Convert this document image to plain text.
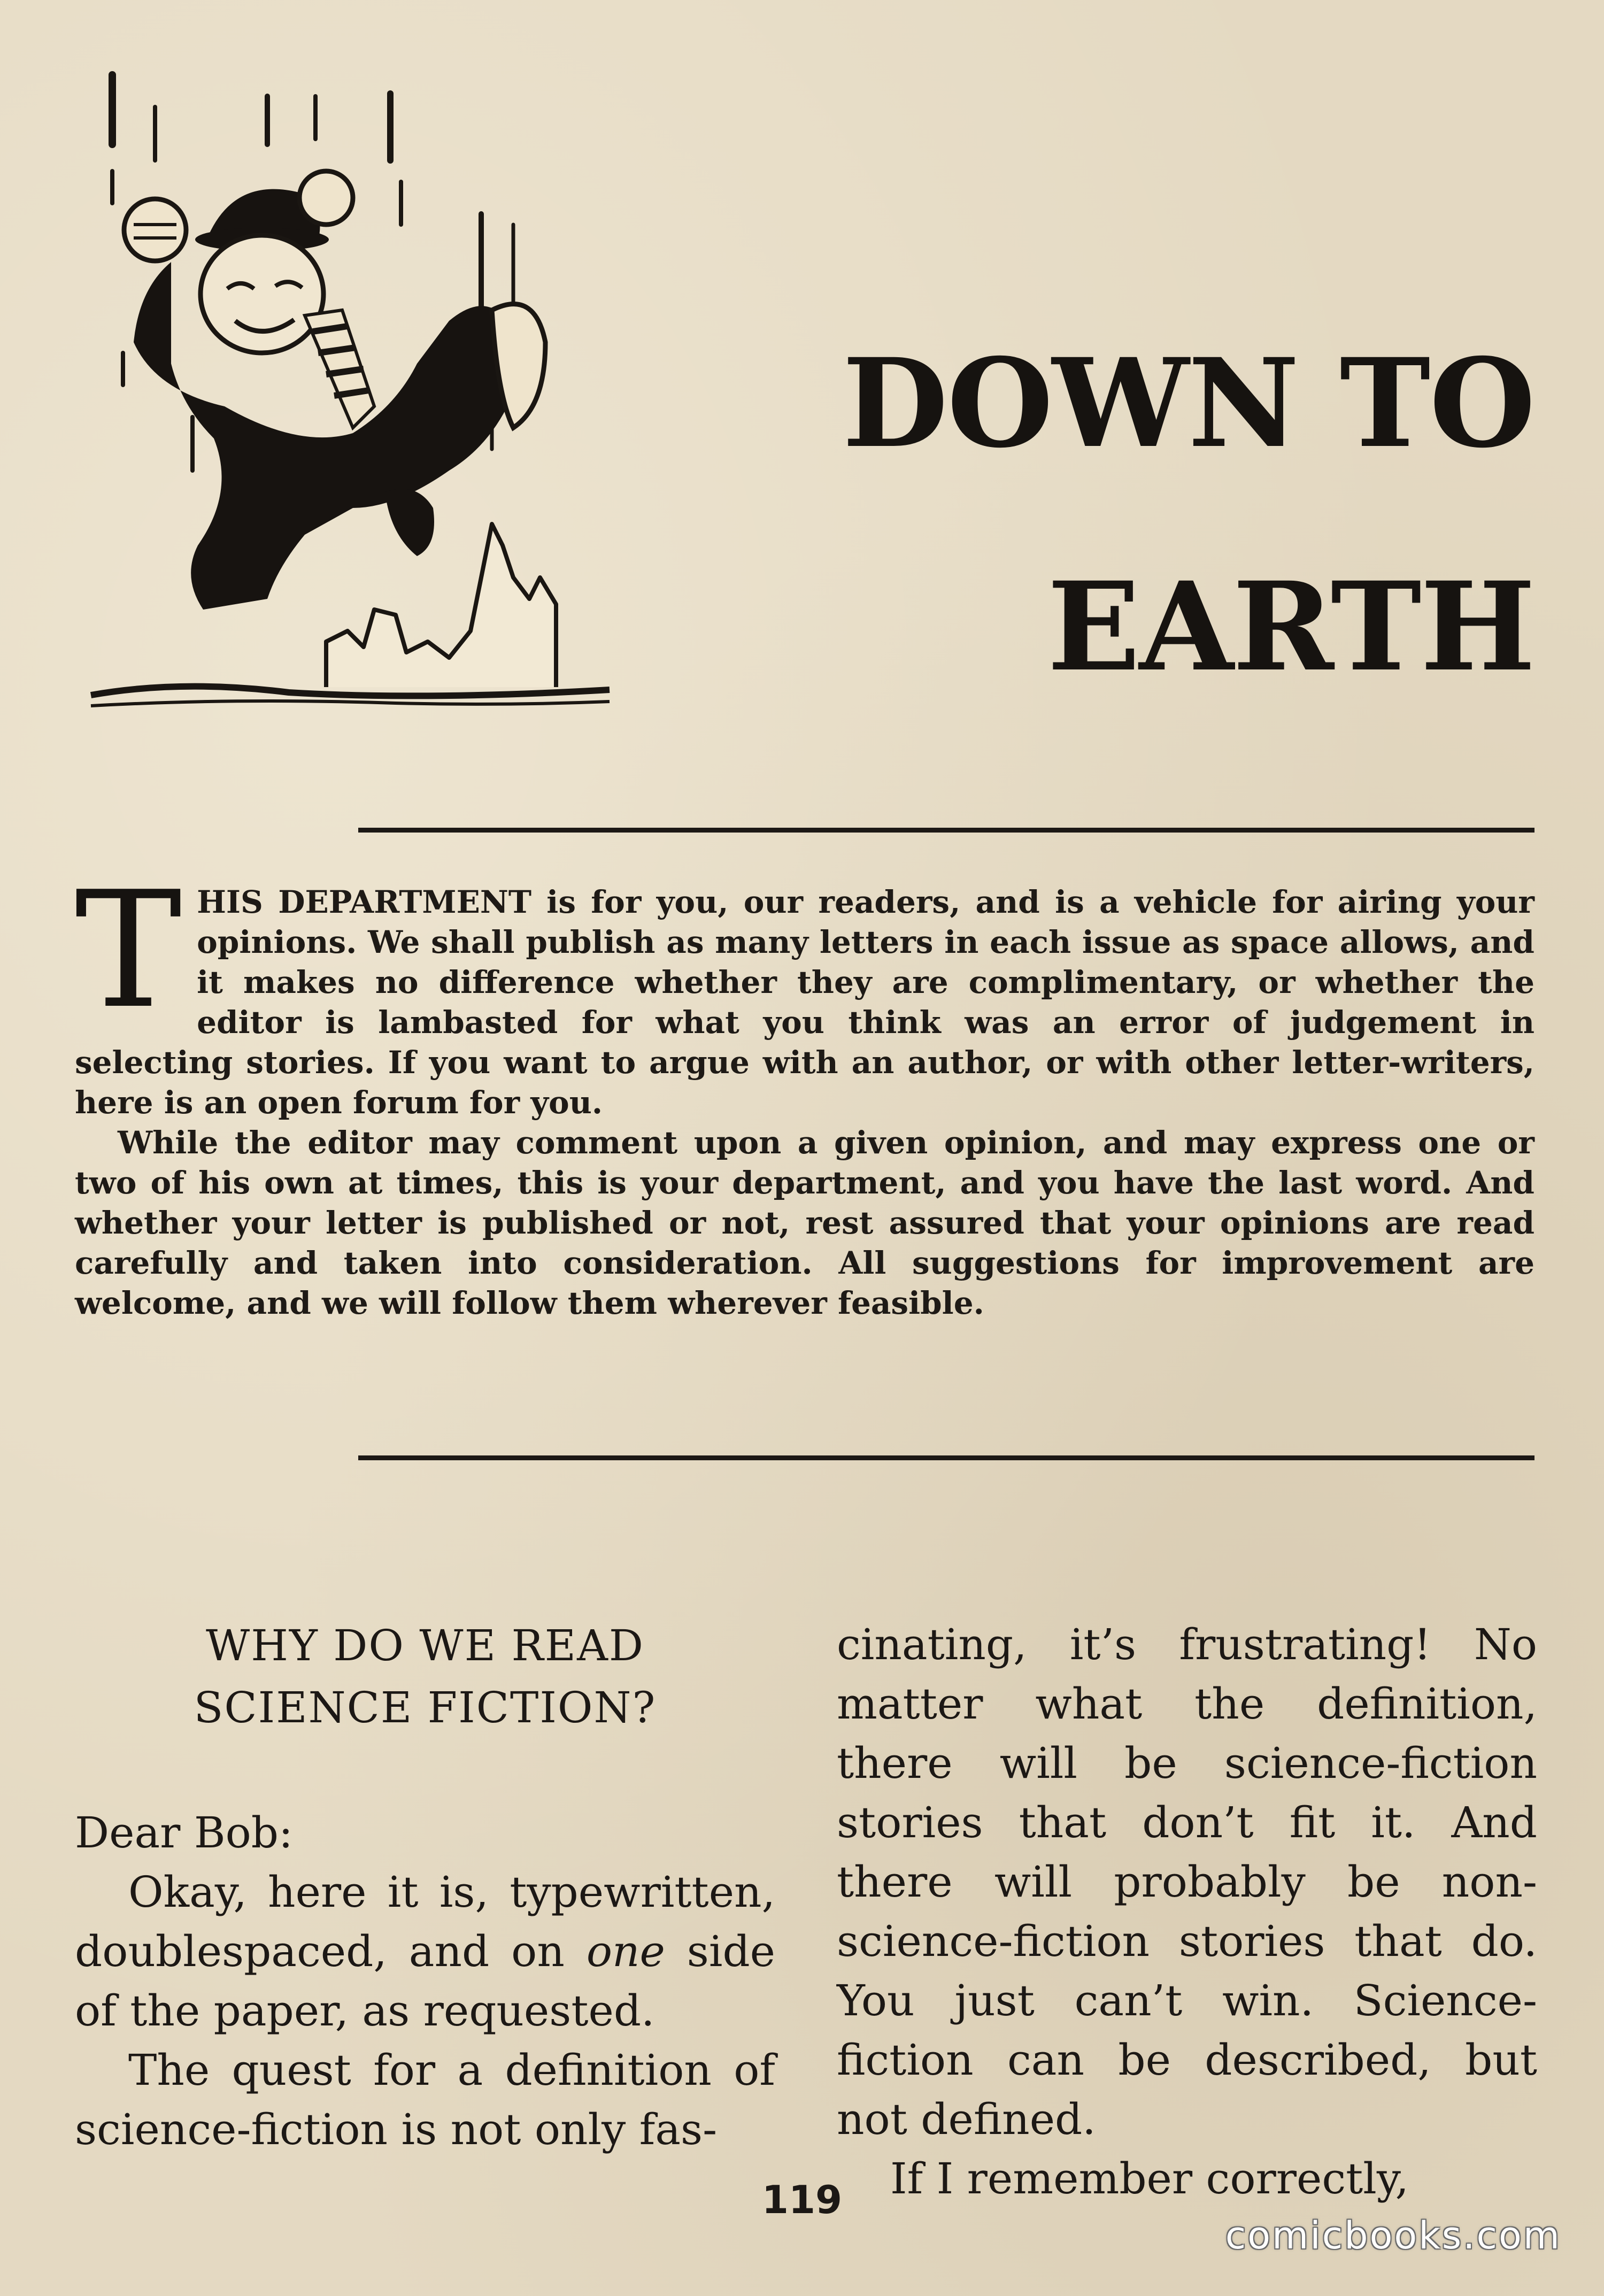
DOWN TO
EARTH

THIS DEPARTMENT is for you, our readers, and is a vehicle for airing your opinions. We shall publish as many letters in each issue as space allows, and it makes no difference whether they are complimentary, or whether the editor is lambasted for what you think was an error of judgement in selecting stories. If you want to argue with an author, or with other letter-writers, here is an open forum for you.

While the editor may comment upon a given opinion, and may express one or two of his own at times, this is your department, and you have the last word. And whether your letter is published or not, rest assured that your opinions are read carefully and taken into consideration. All suggestions for improvement are welcome, and we will follow them wherever feasible.

WHY DO WE READ
SCIENCE FICTION?

Dear Bob:

Okay, here it is, typewritten, doublespaced, and on one side of the paper, as requested.

The quest for a definition of science-fiction is not only fas-

cinating, it’s frustrating! No matter what the definition, there will be science-fiction stories that don’t fit it. And there will probably be non-science-fiction stories that do. You just can’t win. Science-fiction can be described, but not defined.

If I remember correctly,

119
comicbooks.com
